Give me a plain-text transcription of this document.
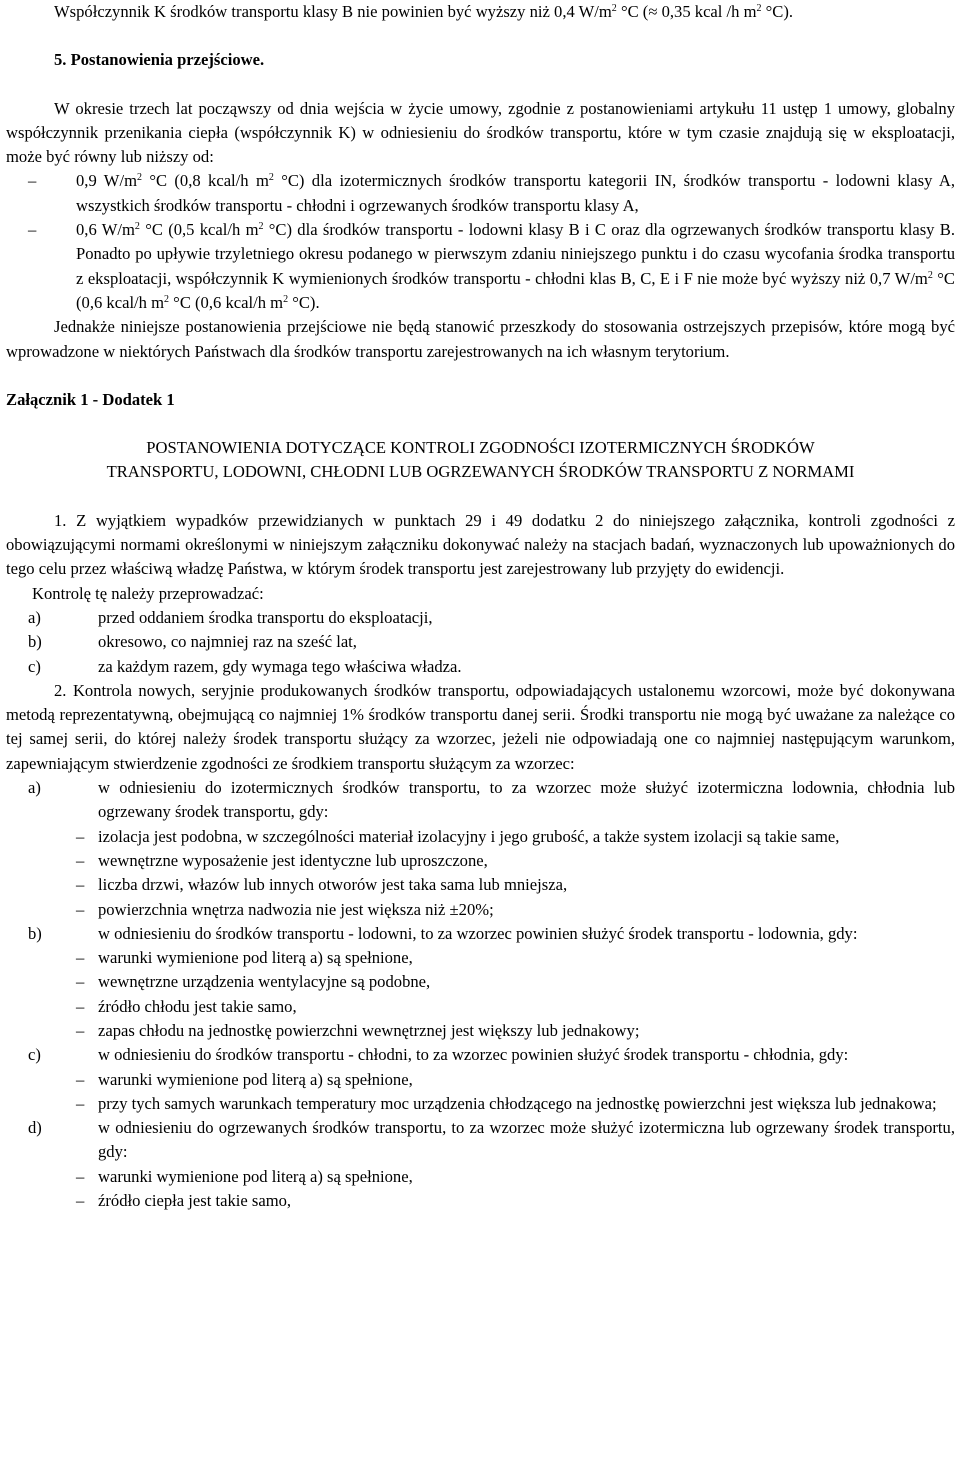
Współczynnik K środków transportu klasy B nie powinien być wyższy niż 0,4 $W/m^2$ °C (≈ 0,35 kcal /h $m^2$ °C).

5. Postanowienia przejściowe.

W okresie trzech lat począwszy od dnia wejścia w życie umowy, zgodnie z postanowieniami artykułu 11 ustęp 1 umowy, globalny współczynnik przenikania ciepła (współczynnik K) w odniesieniu do środków transportu, które w tym czasie znajdują się w eksploatacji, może być równy lub niższy od:

–	0,9 $W/m^2$ °C (0,8 kcal/h $m^2$ °C) dla izotermicznych środków transportu kategorii IN, środków transportu - lodowni klasy A, wszystkich środków transportu - chłodni i ogrzewanych środków transportu klasy A,
–	0,6 $W/m^2$ °C (0,5 kcal/h $m^2$ °C) dla środków transportu - lodowni klasy B i C oraz dla ogrzewanych środków transportu klasy B. Ponadto po upływie trzyletniego okresu podanego w pierwszym zdaniu niniejszego punktu i do czasu wycofania środka transportu z eksploatacji, współczynnik K wymienionych środków transportu - chłodni klas B, C, E i F nie może być wyższy niż 0,7 $W/m^2$ °C (0,6 kcal/h $m^2$ °C (0,6 kcal/h $m^2$ °C).

Jednakże niniejsze postanowienia przejściowe nie będą stanowić przeszkody do stosowania ostrzejszych przepisów, które mogą być wprowadzone w niektórych Państwach dla środków transportu zarejestrowanych na ich własnym terytorium.

Załącznik 1 - Dodatek 1

POSTANOWIENIA DOTYCZĄCE KONTROLI ZGODNOŚCI IZOTERMICZNYCH ŚRODKÓW

TRANSPORTU, LODOWNI, CHŁODNI LUB OGRZEWANYCH ŚRODKÓW TRANSPORTU Z NORMAMI

1. Z wyjątkiem wypadków przewidzianych w punktach 29 i 49 dodatku 2 do niniejszego załącznika, kontroli zgodności z obowiązującymi normami określonymi w niniejszym załączniku dokonywać należy na stacjach badań, wyznaczonych lub upoważnionych do tego celu przez właściwą władzę Państwa, w którym środek transportu jest zarejestrowany lub przyjęty do ewidencji.

Kontrolę tę należy przeprowadzać:

a)	przed oddaniem środka transportu do eksploatacji,
b)	okresowo, co najmniej raz na sześć lat,
c)	za każdym razem, gdy wymaga tego właściwa władza.

2. Kontrola nowych, seryjnie produkowanych środków transportu, odpowiadających ustalonemu wzorcowi, może być dokonywana metodą reprezentatywną, obejmującą co najmniej 1% środków transportu danej serii. Środki transportu nie mogą być uważane za należące co tej samej serii, do której należy środek transportu służący za wzorzec, jeżeli nie odpowiadają one co najmniej następującym warunkom, zapewniającym stwierdzenie zgodności ze środkiem transportu służącym za wzorzec:

a)	w odniesieniu do izotermicznych środków transportu, to za wzorzec może służyć izotermiczna lodownia, chłodnia lub ogrzewany środek transportu, gdy:
– izolacja jest podobna, w szczególności materiał izolacyjny i jego grubość, a także system izolacji są takie same,
– wewnętrzne wyposażenie jest identyczne lub uproszczone,
– liczba drzwi, włazów lub innych otworów jest taka sama lub mniejsza,
– powierzchnia wnętrza nadwozia nie jest większa niż ±20%;
b)	w odniesieniu do środków transportu - lodowni, to za wzorzec powinien służyć środek transportu - lodownia, gdy:
– warunki wymienione pod literą a) są spełnione,
– wewnętrzne urządzenia wentylacyjne są podobne,
– źródło chłodu jest takie samo,
– zapas chłodu na jednostkę powierzchni wewnętrznej jest większy lub jednakowy;
c)	w odniesieniu do środków transportu - chłodni, to za wzorzec powinien służyć środek transportu - chłodnia, gdy:
– warunki wymienione pod literą a) są spełnione,
– przy tych samych warunkach temperatury moc urządzenia chłodzącego na jednostkę powierzchni jest większa lub jednakowa;
d)	w odniesieniu do ogrzewanych środków transportu, to za wzorzec może służyć izotermiczna lub ogrzewany środek transportu, gdy:
– warunki wymienione pod literą a) są spełnione,
– źródło ciepła jest takie samo,
